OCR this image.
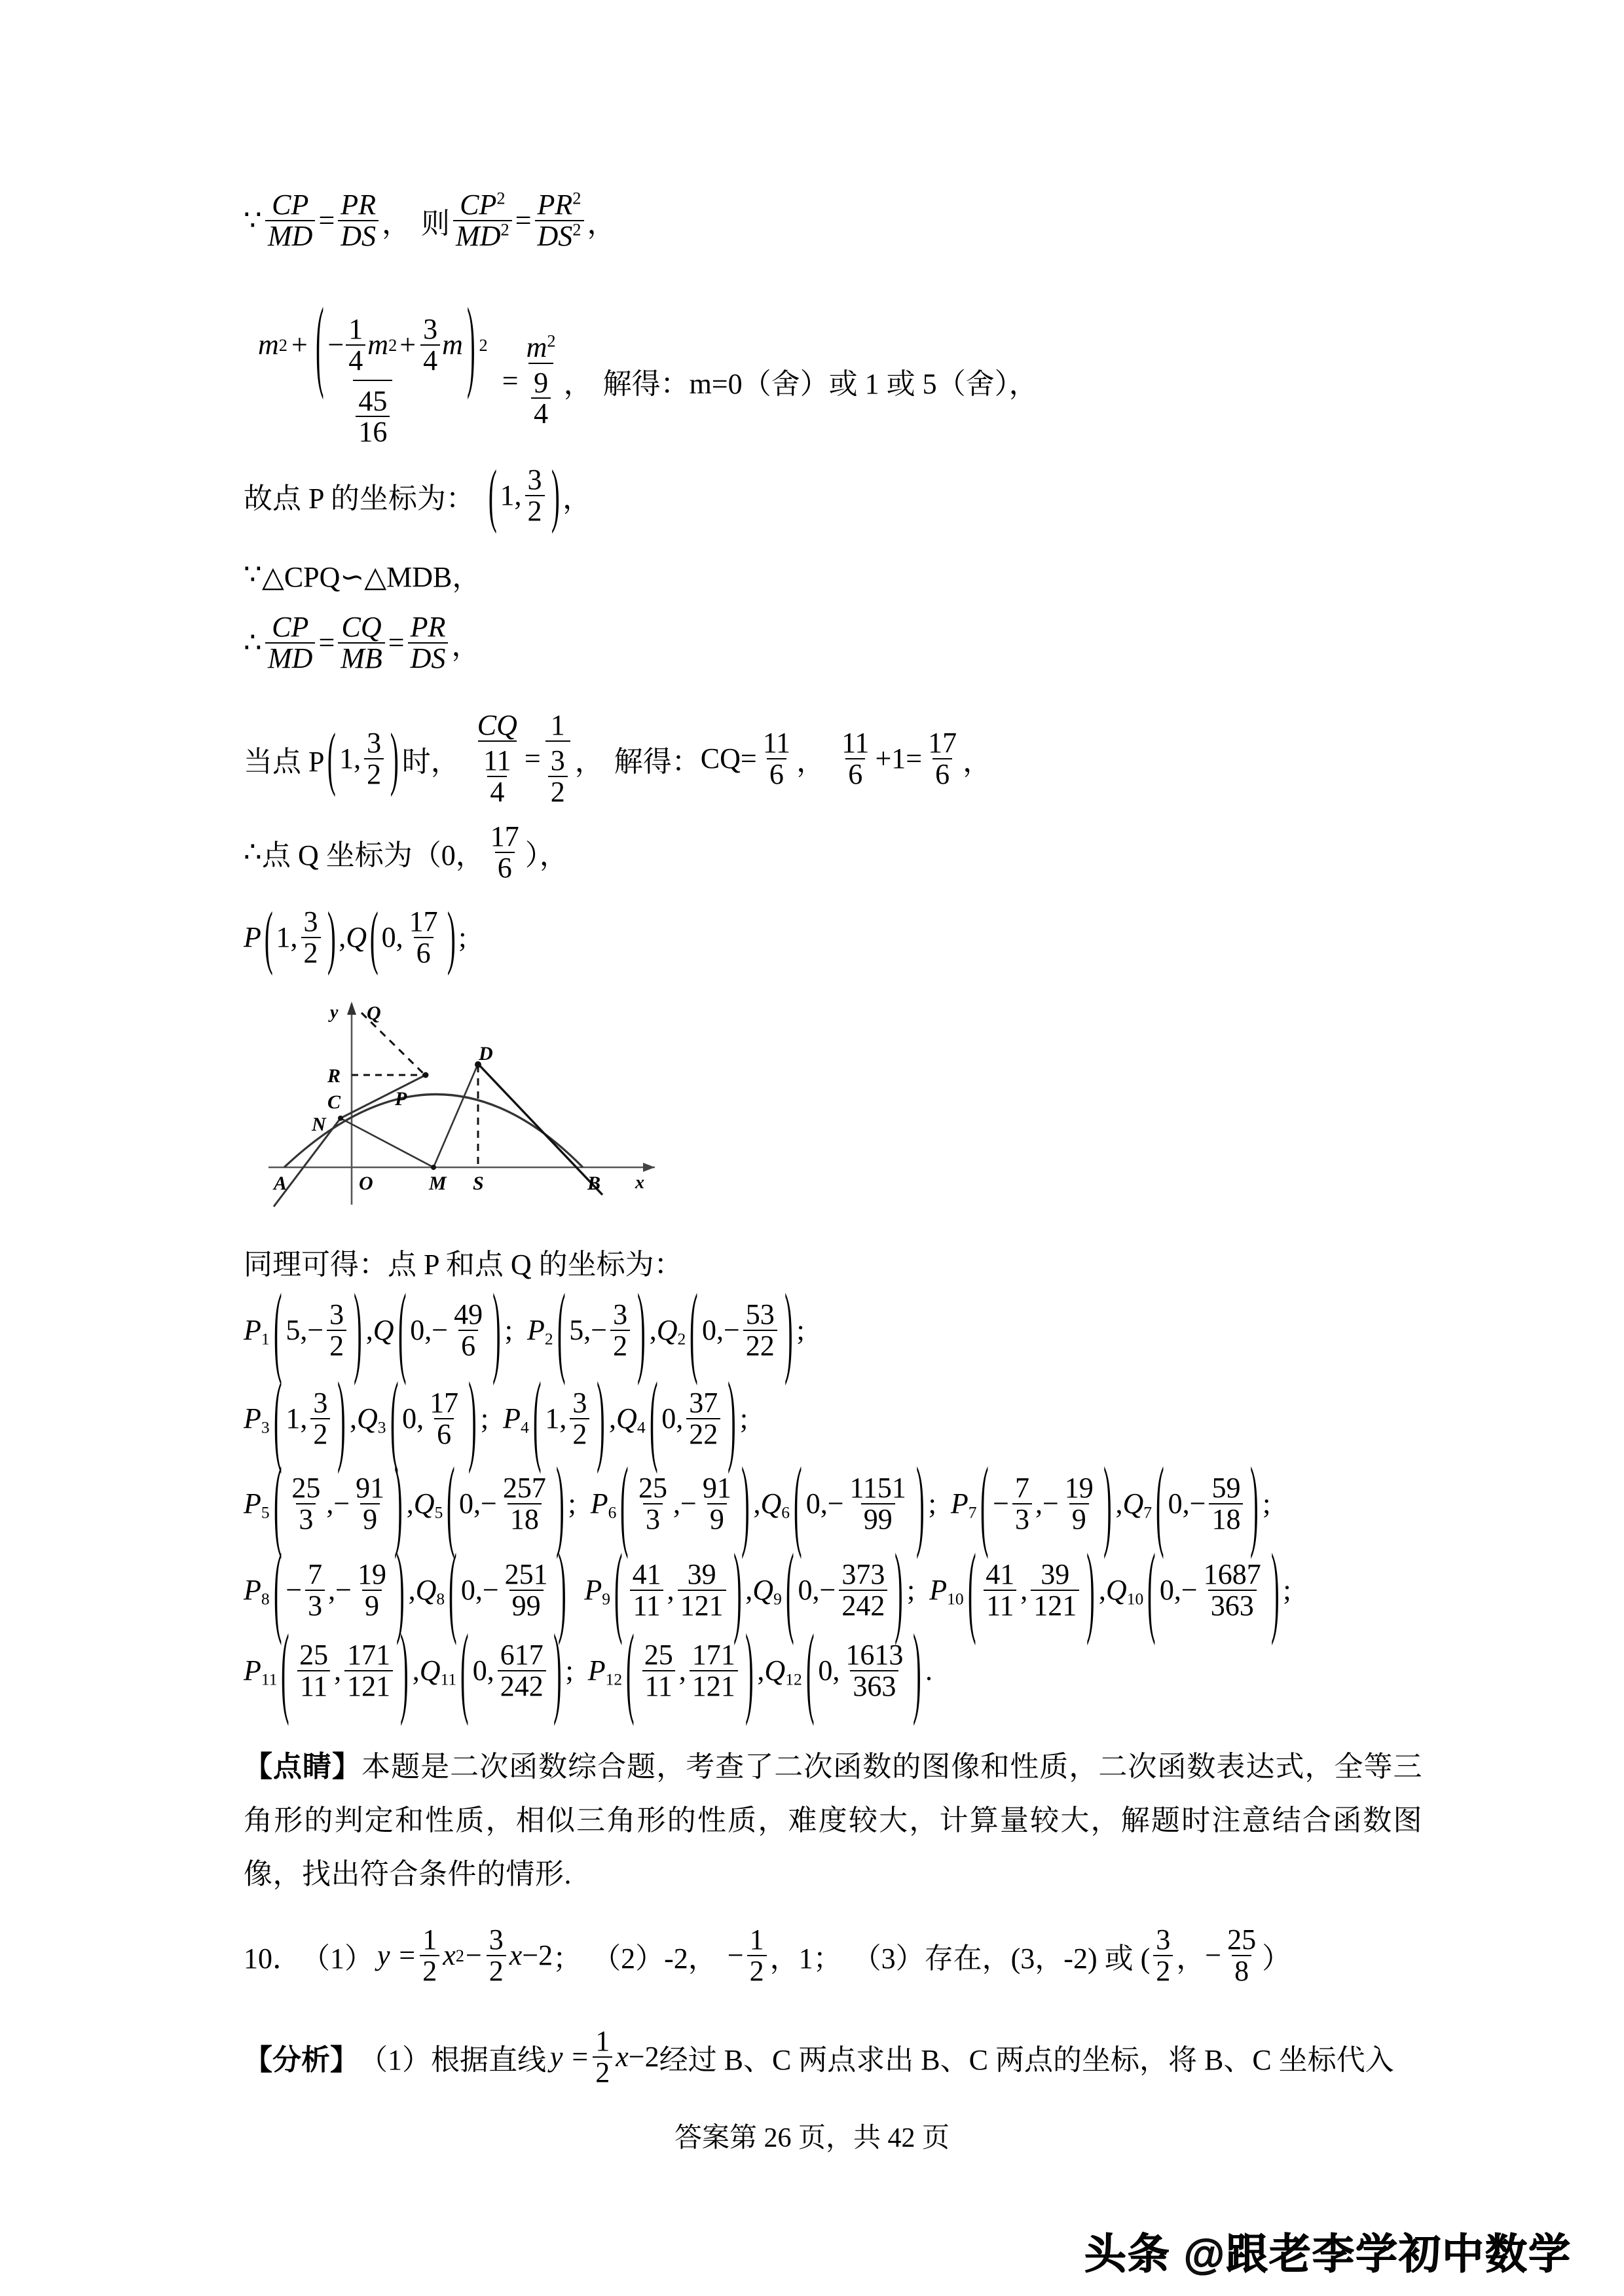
∵ $\frac{CP}{MD} = \frac{PR}{DS}$ ， 则 $\frac{CP^2}{MD^2} = \frac{PR^2}{DS^2}$ ，
m 2 + ( − $\frac{1}{4}$ m $2 + \frac{3}{4}$ m ) 2
$\frac{45}{16}$
= $\frac{m^2}{\frac{9}{4}}$ ， 解得： m=0（舍）或 1 或 5（舍），
故点 P 的坐标为： ( 1 , $\frac{3}{2}$ ) ，
∵ △CPQ∽△MDB，
∴ $\frac{CP}{MD} = \frac{CQ}{MB} = \frac{PR}{DS}$ ，
当点 P ( 1 , $\frac{3}{2}$ ) 时， $\frac{CQ}{\frac{11}{4}} = \frac{1}{\frac{3}{2}}$ ， 解得： $CQ= \frac{11}{6}$ ， $\frac{11}{6} +1 = \frac{17}{6}$ ，
∴ 点 Q 坐标为（0， $\frac{17}{6}$ ），
P ( 1 , $\frac{3}{2}$ ) , Q ( 0 , $\frac{17}{6}$ ) ;
y Q
D
R
C	P
N
A	O	M S	B x
同理可得：点 P 和点 Q 的坐标为：
$P_1$ ( 5 , − $\frac{3}{2}$ ) , Q ( 0 , − $\frac{49}{6}$ ) ;
$P_2$ ( 5 , − $\frac{3}{2}$ ) , $Q_2$ ( 0 , − $\frac{53}{22}$ ) ;
$P_3$ ( 1 , $\frac{3}{2}$ ) , $Q_3$ ( 0 , $\frac{17}{6}$ ) ;
$P_4$ ( 1 , $\frac{3}{2}$ ) , $Q_4$ ( 0 , $\frac{37}{22}$ ) ;
$P_5$ ( $\frac{25}{3}$ , − $\frac{91}{9}$ ) , $Q_5$ ( 0 , − $\frac{257}{18}$ ) ;
$P_6$ ( $\frac{25}{3}$ , − $\frac{91}{9}$ ) , $Q_6$ ( 0 , − $\frac{1151}{99}$ ) ;
$P_7$ ( − $\frac{7}{3}$ , − $\frac{19}{9}$ ) , $Q_7$ ( 0 , − $\frac{59}{18}$ ) ;
$P_8$ ( − $\frac{7}{3}$ , − $\frac{19}{9}$ ) , $Q_8$ ( 0 , − $\frac{251}{99}$ )
$P_9$ ( $\frac{41}{11}$ , $\frac{39}{121}$ ) , $Q_9$ ( 0 , − $\frac{373}{242}$ ) ;
$P_{10}$ ( $\frac{41}{11}$ , $\frac{39}{121}$ ) , $Q_{10}$ ( 0 , − $\frac{1687}{363}$ ) ;
$P_{11}$ ( $\frac{25}{11}$ , $\frac{171}{121}$ ) , $Q_{11}$ ( 0 , $\frac{617}{242}$ ) ;
$P_{12}$ ( $\frac{25}{11}$ , $\frac{171}{121}$ ) , $Q_{12}$ ( 0 , $\frac{1613}{363}$ ) .
【点睛】本题是二次函数综合题，考查了二次函数的图像和性质，二次函数表达式，全等三角形的判定和性质，相似三角形的性质，难度较大，计算量较大，解题时注意结合函数图像，找出符合条件的情形.
10． （1） $y = \frac{1}{2}$ x $2 - \frac{3}{2}$ x −2 ； （2） -2， − $\frac{1}{2}$ ，1； （3） 存在，(3，-2) 或 ( $\frac{3}{2}$ ， − $\frac{25}{8}$ ）
【分析】 （1） 根据直线 $y = \frac{1}{2}$ x −2 经过 B、C 两点求出 B、C 两点的坐标，将 B、C 坐标代入
答案第 26 页，共 42 页
头条 @跟老李学初中数学
